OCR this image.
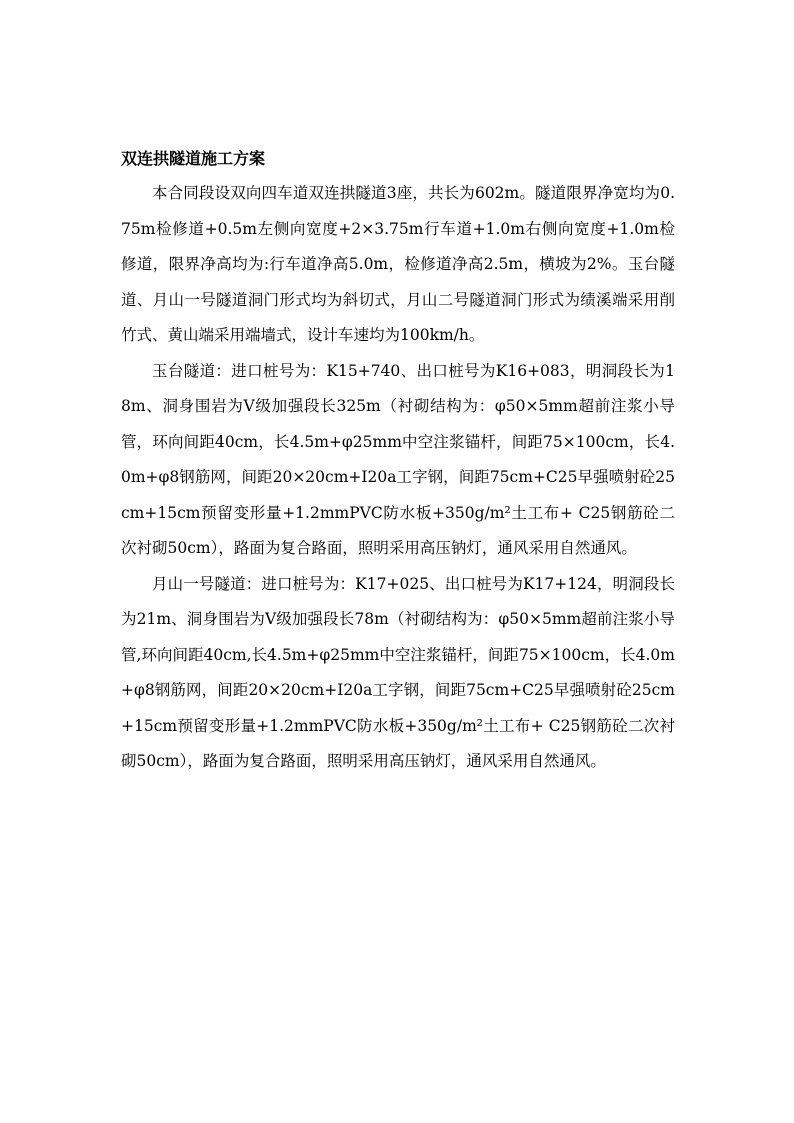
双连拱隧道施工方案

本合同段设双向四车道双连拱隧道3座，共长为602m。隧道限界净宽均为0.75m检修道+0.5m左侧向宽度+2×3.75m行车道+1.0m右侧向宽度+1.0m检修道，限界净高均为:行车道净高5.0m，检修道净高2.5m，横坡为2%。玉台隧道、月山一号隧道洞门形式均为斜切式，月山二号隧道洞门形式为绩溪端采用削竹式、黄山端采用端墙式，设计车速均为100km/h。

玉台隧道：进口桩号为：K15+740、出口桩号为K16+083，明洞段长为18m、洞身围岩为Ⅴ级加强段长325m（衬砌结构为：φ50×5mm超前注浆小导管，环向间距40cm，长4.5m+φ25mm中空注浆锚杆，间距75×100cm，长4.0m+φ8钢筋网，间距20×20cm+I20a工字钢，间距75cm+C25早强喷射砼25cm+15cm预留变形量+1.2mmPVC防水板+350g/m²土工布+ C25钢筋砼二次衬砌50cm），路面为复合路面，照明采用高压钠灯，通风采用自然通风。

月山一号隧道：进口桩号为：K17+025、出口桩号为K17+124，明洞段长为21m、洞身围岩为Ⅴ级加强段长78m（衬砌结构为：φ50×5mm超前注浆小导管,环向间距40cm,长4.5m+φ25mm中空注浆锚杆，间距75×100cm，长4.0m+φ8钢筋网，间距20×20cm+I20a工字钢，间距75cm+C25早强喷射砼25cm+15cm预留变形量+1.2mmPVC防水板+350g/m²土工布+ C25钢筋砼二次衬砌50cm），路面为复合路面，照明采用高压钠灯，通风采用自然通风。
